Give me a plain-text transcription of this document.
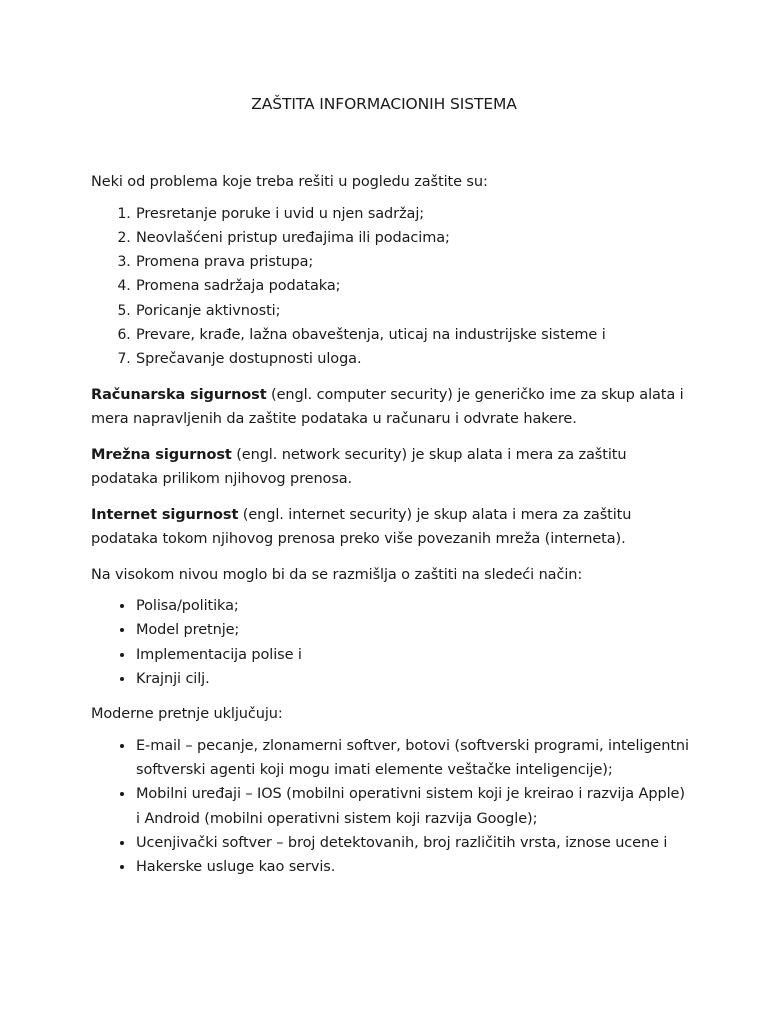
ZAŠTITA INFORMACIONIH SISTEMA

Neki od problema koje treba rešiti u pogledu zaštite su:

1. Presretanje poruke i uvid u njen sadržaj;
2. Neovlašćeni pristup uređajima ili podacima;
3. Promena prava pristupa;
4. Promena sadržaja podataka;
5. Poricanje aktivnosti;
6. Prevare, krađe, lažna obaveštenja, uticaj na industrijske sisteme i
7. Sprečavanje dostupnosti uloga.

Računarska sigurnost (engl. computer security) je generičko ime za skup alata i mera napravljenih da zaštite podataka u računaru i odvrate hakere.

Mrežna sigurnost (engl. network security) je skup alata i mera za zaštitu podataka prilikom njihovog prenosa.

Internet sigurnost (engl. internet security) je skup alata i mera za zaštitu podataka tokom njihovog prenosa preko više povezanih mreža (interneta).

Na visokom nivou moglo bi da se razmišlja o zaštiti na sledeći način:

• Polisa/politika;
• Model pretnje;
• Implementacija polise i
• Krajnji cilj.

Moderne pretnje uključuju:

• E-mail – pecanje, zlonamerni softver, botovi (softverski programi, inteligentni softverski agenti koji mogu imati elemente veštačke inteligencije);
• Mobilni uređaji – IOS (mobilni operativni sistem koji je kreirao i razvija Apple) i Android (mobilni operativni sistem koji razvija Google);
• Ucenjivački softver – broj detektovanih, broj različitih vrsta, iznose ucene i
• Hakerske usluge kao servis.
